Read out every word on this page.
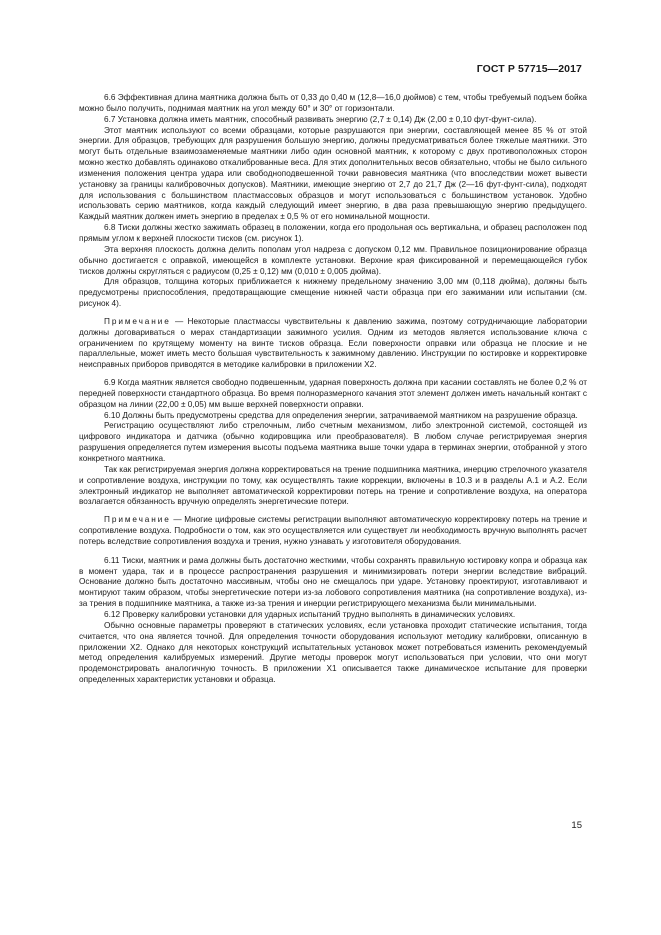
ГОСТ Р 57715—2017

6.6 Эффективная длина маятника должна быть от 0,33 до 0,40 м (12,8—16,0 дюймов) с тем, чтобы требуемый подъем бойка можно было получить, поднимая маятник на угол между 60° и 30° от горизонтали.

6.7 Установка должна иметь маятник, способный развивать энергию (2,7 ± 0,14) Дж (2,00 ± 0,10 фут-фунт-сила).

Этот маятник используют со всеми образцами, которые разрушаются при энергии, составляющей менее 85 % от этой энергии. Для образцов, требующих для разрушения большую энергию, должны предусматриваться более тяжелые маятники. Это могут быть отдельные взаимозаменяемые маятники либо один основной маятник, к которому с двух противоположных сторон можно жестко добавлять одинаково откалиброванные веса. Для этих дополнительных весов обязательно, чтобы не было сильного изменения положения центра удара или свободноподвешенной точки равновесия маятника (что впоследствии может вывести установку за границы калибровочных допусков). Маятники, имеющие энергию от 2,7 до 21,7 Дж (2—16 фут-фунт-сила), подходят для использования с большинством пластмассовых образцов и могут использоваться с большинством установок. Удобно использовать серию маятников, когда каждый следующий имеет энергию, в два раза превышающую энергию предыдущего. Каждый маятник должен иметь энергию в пределах ± 0,5 % от его номинальной мощности.

6.8 Тиски должны жестко зажимать образец в положении, когда его продольная ось вертикальна, и образец расположен под прямым углом к верхней плоскости тисков (см. рисунок 1).

Эта верхняя плоскость должна делить пополам угол надреза с допуском 0,12 мм. Правильное позиционирование образца обычно достигается с оправкой, имеющейся в комплекте установки. Верхние края фиксированной и перемещающейся губок тисков должны скругляться с радиусом (0,25 ± 0,12) мм (0,010 ± 0,005 дюйма).

Для образцов, толщина которых приближается к нижнему предельному значению 3,00 мм (0,118 дюйма), должны быть предусмотрены приспособления, предотвращающие смещение нижней части образца при его зажимании или испытании (см. рисунок 4).

Примечание — Некоторые пластмассы чувствительны к давлению зажима, поэтому сотрудничающие лаборатории должны договариваться о мерах стандартизации зажимного усилия. Одним из методов является использование ключа с ограничением по крутящему моменту на винте тисков образца. Если поверхности оправки или образца не плоские и не параллельные, может иметь место большая чувствительность к зажимному давлению. Инструкции по юстировке и корректировке неисправных приборов приводятся в методике калибровки в приложении Х2.

6.9 Когда маятник является свободно подвешенным, ударная поверхность должна при касании составлять не более 0,2 % от передней поверхности стандартного образца. Во время полноразмерного качания этот элемент должен иметь начальный контакт с образцом на линии (22,00 ± 0,05) мм выше верхней поверхности оправки.

6.10 Должны быть предусмотрены средства для определения энергии, затрачиваемой маятником на разрушение образца.

Регистрацию осуществляют либо стрелочным, либо счетным механизмом, либо электронной системой, состоящей из цифрового индикатора и датчика (обычно кодировщика или преобразователя). В любом случае регистрируемая энергия разрушения определяется путем измерения высоты подъема маятника выше точки удара в терминах энергии, отобранной у этого конкретного маятника.

Так как регистрируемая энергия должна корректироваться на трение подшипника маятника, инерцию стрелочного указателя и сопротивление воздуха, инструкции по тому, как осуществлять такие коррекции, включены в 10.3 и в разделы А.1 и А.2. Если электронный индикатор не выполняет автоматической корректировки потерь на трение и сопротивление воздуха, на оператора возлагается обязанность вручную определять энергетические потери.

Примечание — Многие цифровые системы регистрации выполняют автоматическую корректировку потерь на трение и сопротивление воздуха. Подробности о том, как это осуществляется или существует ли необходимость вручную выполнять расчет потерь вследствие сопротивления воздуха и трения, нужно узнавать у изготовителя оборудования.

6.11 Тиски, маятник и рама должны быть достаточно жесткими, чтобы сохранять правильную юстировку копра и образца как в момент удара, так и в процессе распространения разрушения и минимизировать потери энергии вследствие вибраций. Основание должно быть достаточно массивным, чтобы оно не смещалось при ударе. Установку проектируют, изготавливают и монтируют таким образом, чтобы энергетические потери из-за лобового сопротивления маятника (на сопротивление воздуха), из-за трения в подшипнике маятника, а также из-за трения и инерции регистрирующего механизма были минимальными.

6.12 Проверку калибровки установки для ударных испытаний трудно выполнять в динамических условиях.

Обычно основные параметры проверяют в статических условиях, если установка проходит статические испытания, тогда считается, что она является точной. Для определения точности оборудования используют методику калибровки, описанную в приложении Х2. Однако для некоторых конструкций испытательных установок может потребоваться изменить рекомендуемый метод определения калибруемых измерений. Другие методы проверок могут использоваться при условии, что они могут продемонстрировать аналогичную точность. В приложении Х1 описывается также динамическое испытание для проверки определенных характеристик установки и образца.

15
